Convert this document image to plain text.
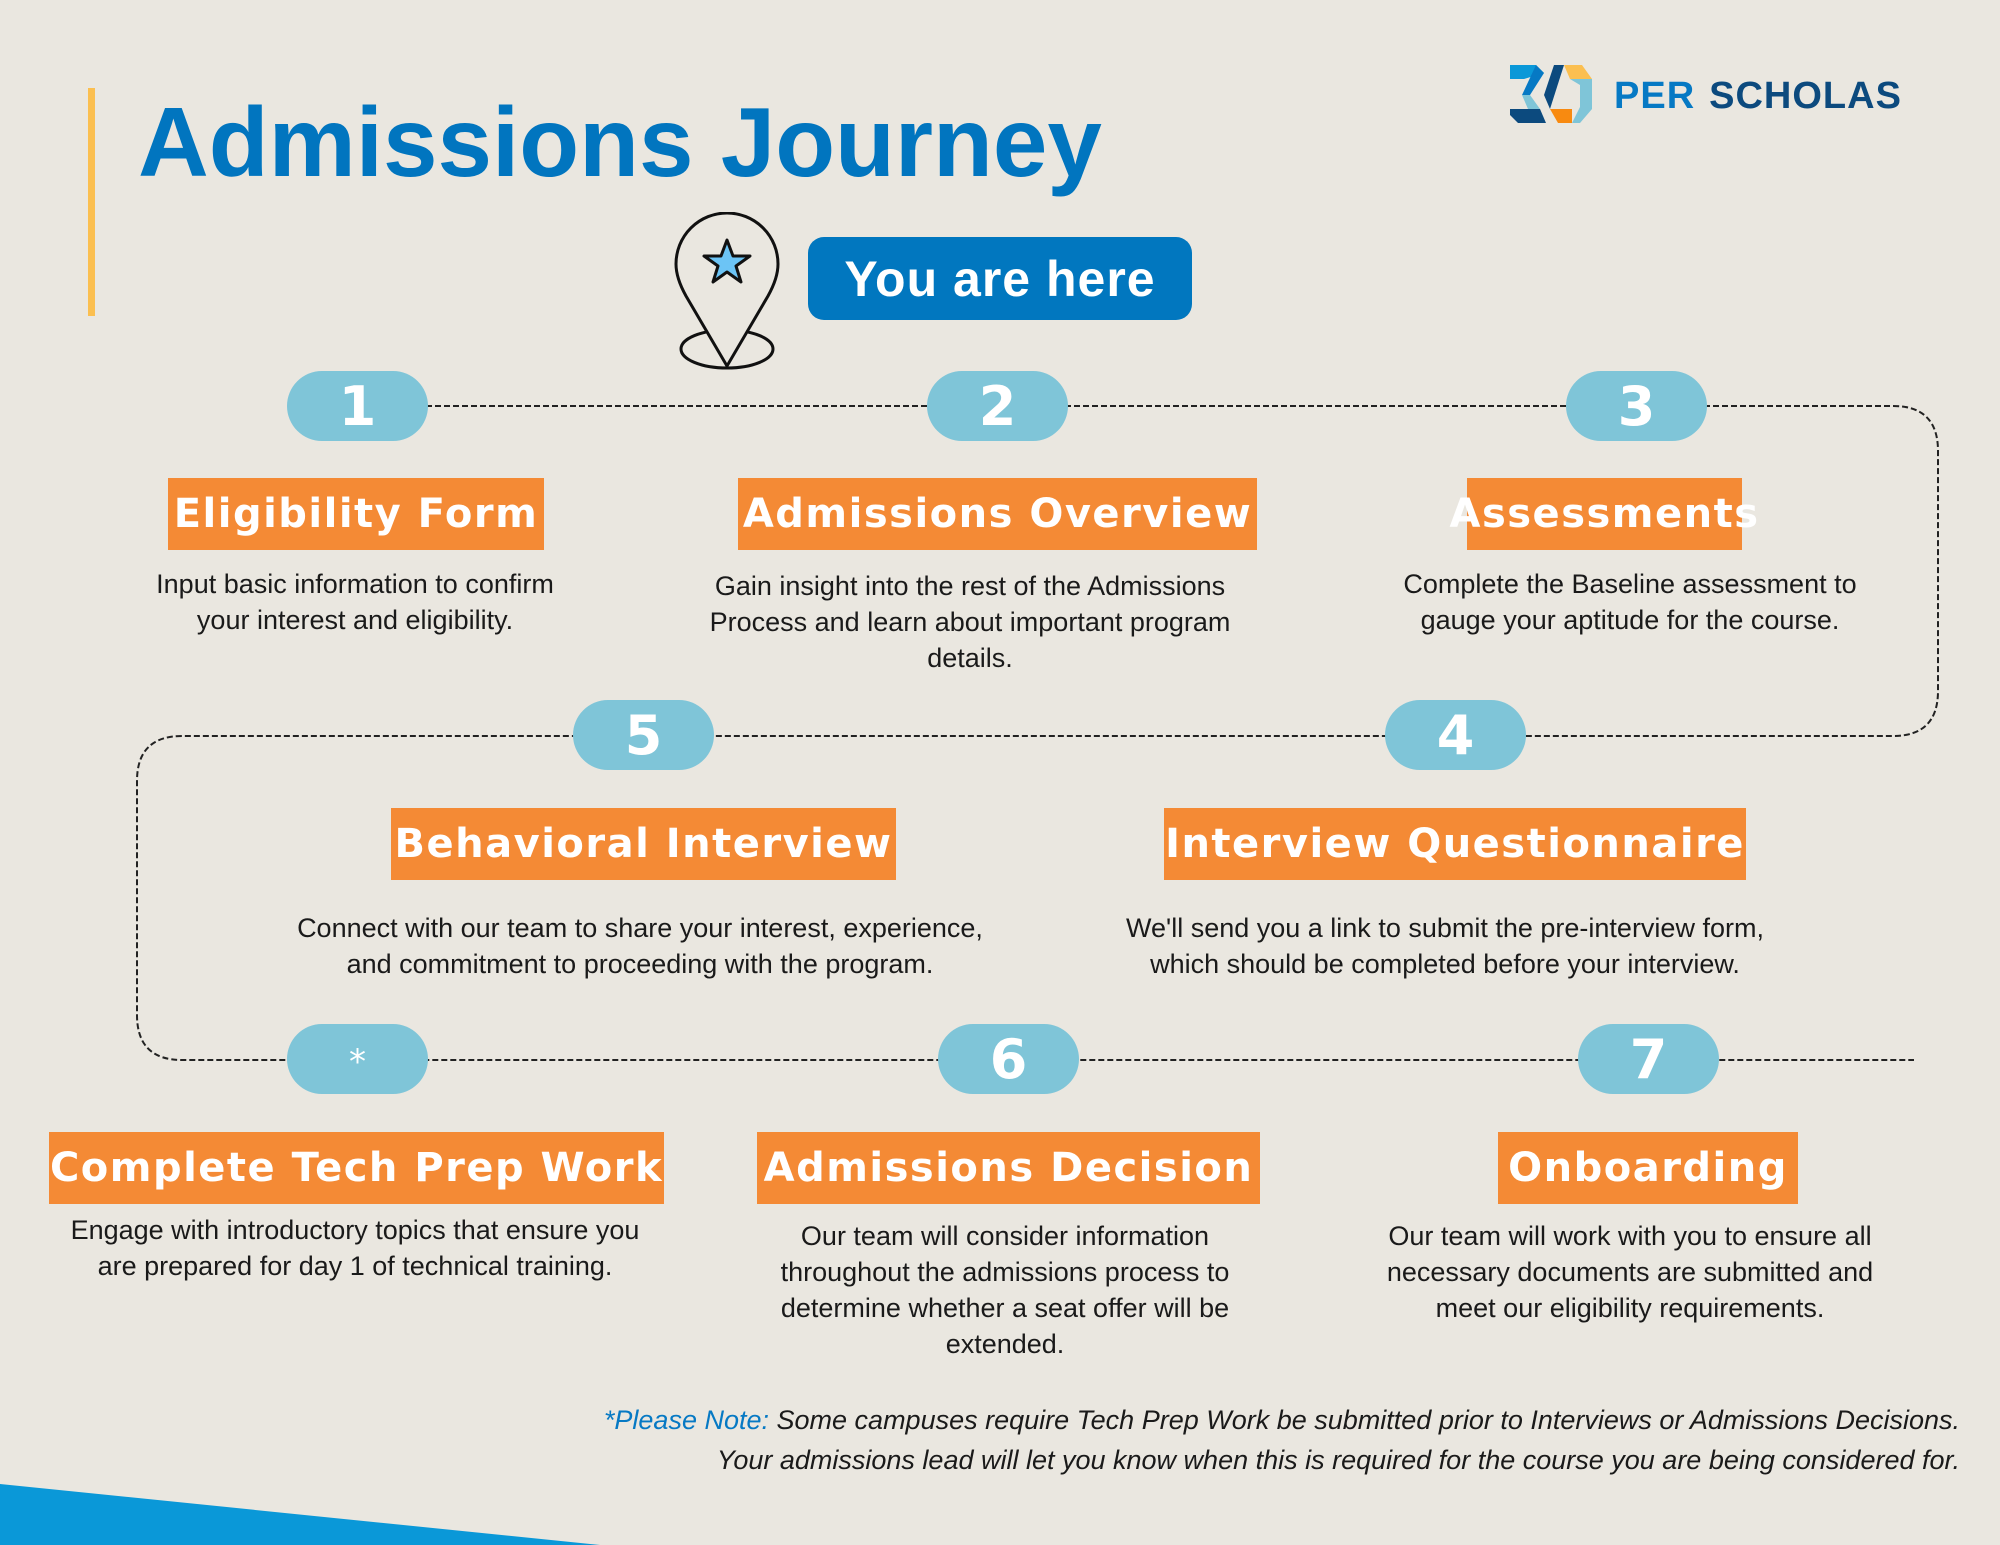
Admissions Journey	PER SCHOLAS
You are here
1
Eligibility Form
Input basic information to confirm your interest and eligibility.
2
Admissions Overview
Gain insight into the rest of the Admissions Process and learn about important program details.
3
Assessments
Complete the Baseline assessment to gauge your aptitude for the course.
5
Behavioral Interview
Connect with our team to share your interest, experience, and commitment to proceeding with the program.
4
Interview Questionnaire
We'll send you a link to submit the pre-interview form, which should be completed before your interview.
*
Complete Tech Prep Work
Engage with introductory topics that ensure you are prepared for day 1 of technical training.
6
Admissions Decision
Our team will consider information throughout the admissions process to determine whether a seat offer will be extended.
7
Onboarding
Our team will work with you to ensure all necessary documents are submitted and meet our eligibility requirements.
*Please Note: Some campuses require Tech Prep Work be submitted prior to Interviews or Admissions Decisions. Your admissions lead will let you know when this is required for the course you are being considered for.
